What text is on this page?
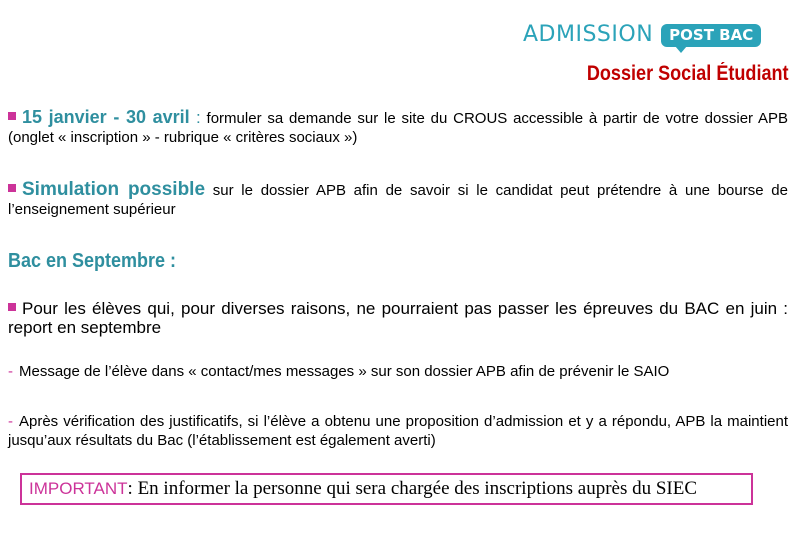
ADMISSION	POST BAC
Dossier Social Étudiant
15 janvier - 30 avril : formuler sa demande sur le site du CROUS accessible à partir de votre dossier APB (onglet « inscription » - rubrique « critères sociaux »)
Simulation possible sur le dossier APB afin de savoir si le candidat peut prétendre à une bourse de l’enseignement supérieur
Bac en Septembre :
Pour les élèves qui, pour diverses raisons, ne pourraient pas passer les épreuves du BAC en juin : report en septembre
- Message de l’élève dans « contact/mes messages » sur son dossier APB afin de prévenir le SAIO
- Après vérification des justificatifs, si l’élève a obtenu une proposition d’admission et y a répondu, APB la maintient jusqu’aux résultats du Bac (l’établissement est également averti)
IMPORTANT : En informer la personne qui sera chargée des inscriptions auprès du SIEC
